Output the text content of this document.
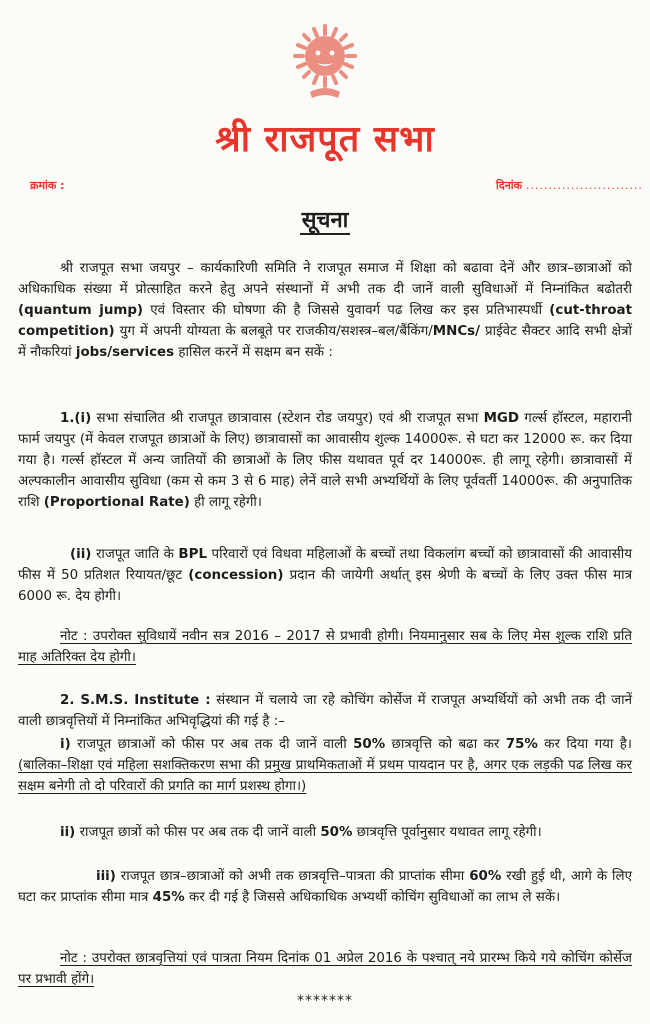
श्री राजपूत सभा
क्रमांक :	दिनांक ..........................
सूचना
श्री राजपूत सभा जयपुर – कार्यकारिणी समिति ने राजपूत समाज में शिक्षा को बढावा देनें और छात्र–छात्राओं को अधिकाधिक संख्या में प्रोत्साहित करने हेतु अपने संस्थानों में अभी तक दी जानें वाली सुविधाओं में निम्नांकित बढोतरी (quantum jump) एवं विस्तार की घोषणा की है जिससे युवावर्ग पढ लिख कर इस प्रतिभास्पर्धी (cut-throat competition) युग में अपनी योग्यता के बलबूते पर राजकीय/सशस्त्र–बल/बैंकिंग/MNCs/ प्राईवेट सैक्टर आदि सभी क्षेत्रों में नौकरियां jobs/services हासिल करनें में सक्षम बन सकें :
1.(i) सभा संचालित श्री राजपूत छात्रावास (स्टेशन रोड जयपुर) एवं श्री राजपूत सभा MGD गर्ल्स हॉस्टल, महारानी फार्म जयपुर (में केवल राजपूत छात्राओं के लिए) छात्रावासों का आवासीय शुल्क 14000रू. से घटा कर 12000 रू. कर दिया गया है। गर्ल्स हॉस्टल में अन्य जातियों की छात्राओं के लिए फीस यथावत पूर्व दर 14000रू. ही लागू रहेगी। छात्रावासों में अल्पकालीन आवासीय सुविधा (कम से कम 3 से 6 माह) लेनें वाले सभी अभ्यर्थियों के लिए पूर्ववर्ती 14000रू. की अनुपातिक राशि (Proportional Rate) ही लागू रहेगी।
(ii) राजपूत जाति के BPL परिवारों एवं विधवा महिलाओं के बच्चों तथा विकलांग बच्चों को छात्रावासों की आवासीय फीस में 50 प्रतिशत रियायत/छूट (concession) प्रदान की जायेगी अर्थात् इस श्रेणी के बच्चों के लिए उक्त फीस मात्र 6000 रू. देय होगी।
नोट : उपरोक्त सुविधायें नवीन सत्र 2016 – 2017 से प्रभावी होगी। नियमानुसार सब के लिए मेस शुल्क राशि प्रति माह अतिरिक्त देय होगी।
2. S.M.S. Institute : संस्थान में चलाये जा रहे कोचिंग कोर्सेज में राजपूत अभ्यर्थियों को अभी तक दी जानें वाली छात्रवृत्तियों में निम्नांकित अभिवृद्धियां की गई है :–
i) राजपूत छात्राओं को फीस पर अब तक दी जानें वाली 50% छात्रवृत्ति को बढा कर 75% कर दिया गया है। (बालिका–शिक्षा एवं महिला सशक्तिकरण सभा की प्रमुख प्राथमिकताओं में प्रथम पायदान पर है, अगर एक लड़की पढ लिख कर सक्षम बनेगी तो दो परिवारों की प्रगति का मार्ग प्रशस्थ होगा।)
ii) राजपूत छात्रों को फीस पर अब तक दी जानें वाली 50% छात्रवृत्ति पूर्वानुसार यथावत लागू रहेगी।
iii) राजपूत छात्र–छात्राओं को अभी तक छात्रवृत्ति–पात्रता की प्राप्तांक सीमा 60% रखी हुई थी, आगे के लिए घटा कर प्राप्तांक सीमा मात्र 45% कर दी गई है जिससे अधिकाधिक अभ्यर्थी कोचिंग सुविधाओं का लाभ ले सकें।
नोट : उपरोक्त छात्रवृत्तियां एवं पात्रता नियम दिनांक 01 अप्रेल 2016 के पश्चात् नये प्रारम्भ किये गये कोचिंग कोर्सेज पर प्रभावी होंगे।
*******
